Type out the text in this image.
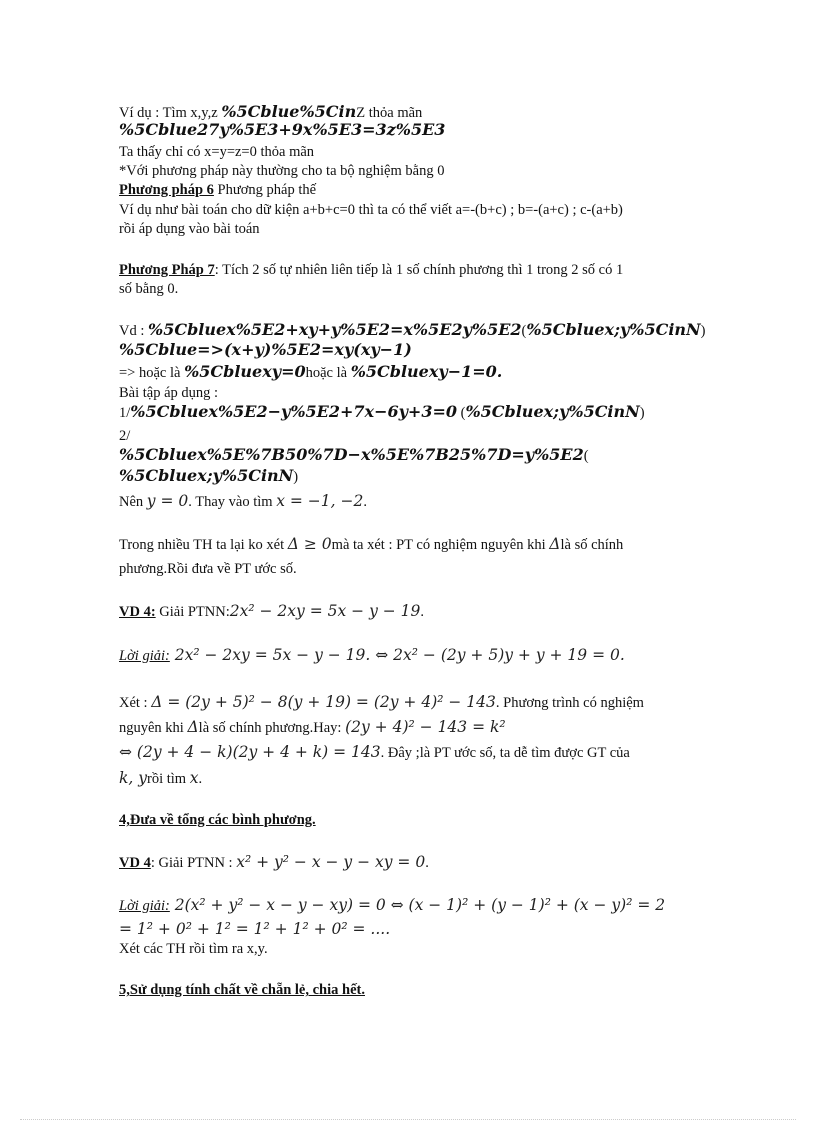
Ví dụ : Tìm x,y,z %5Cblue%5CinZ thỏa mãn
%5Cblue27y%5E3+9x%5E3=3z%5E3
Ta thấy chỉ có x=y=z=0 thỏa mãn
*Với phương pháp này thường cho ta bộ nghiệm bằng 0
Phương pháp 6 Phương pháp thế
Ví dụ như bài toán cho dữ kiện a+b+c=0 thì ta có thể viết a=-(b+c) ; b=-(a+c) ; c-(a+b)
rồi áp dụng vào bài toán
Phương Pháp 7: Tích 2 số tự nhiên liên tiếp là 1 số chính phương thì 1 trong 2 số có 1
số bằng 0.
Vd : %5Cbluex%5E2+xy+y%5E2=x%5E2y%5E2(%5Cbluex;y%5CinN)
%5Cblue=>(x+y)%5E2=xy(xy−1)
=> hoặc là %5Cbluexy=0hoặc là %5Cbluexy−1=0.
Bài tập áp dụng :
1/%5Cbluex%5E2−y%5E2+7x−6y+3=0 (%5Cbluex;y%5CinN)
2/
%5Cbluex%5E%7B50%7D−x%5E%7B25%7D=y%5E2(
%5Cbluex;y%5CinN)
Nên y = 0. Thay vào tìm x = −1, −2.
Trong nhiều TH ta lại ko xét Δ ≥ 0mà ta xét : PT có nghiệm nguyên khi Δlà số chính
phương.Rồi đưa về PT ước số.
VD 4: Giải PTNN:2x² − 2xy = 5x − y − 19.
Lời giải: 2x² − 2xy = 5x − y − 19. ⇔ 2x² − (2y + 5)y + y + 19 = 0.
Xét : Δ = (2y + 5)² − 8(y + 19) = (2y + 4)² − 143. Phương trình có nghiệm
nguyên khi Δlà số chính phương.Hay: (2y + 4)² − 143 = k²
⇔ (2y + 4 − k)(2y + 4 + k) = 143. Đây ;là PT ước số, ta dễ tìm được GT của
k, yrồi tìm x.
4,Đưa về tổng các bình phương.
VD 4: Giải PTNN : x² + y² − x − y − xy = 0.
Lời giải: 2(x² + y² − x − y − xy) = 0 ⇔ (x − 1)² + (y − 1)² + (x − y)² = 2
= 1² + 0² + 1² = 1² + 1² + 0² = ....
Xét các TH rồi tìm ra x,y.
5,Sử dụng tính chất về chẵn lẻ, chia hết.
